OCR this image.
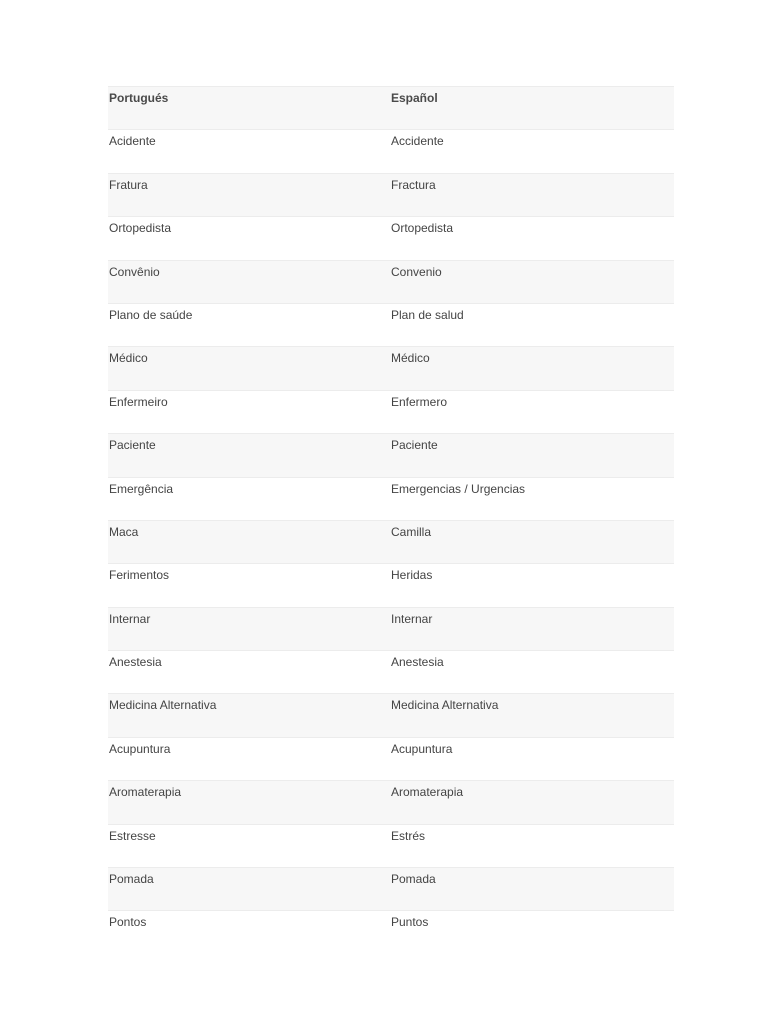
Portugués	Español
Acidente	Accidente
Fratura	Fractura
Ortopedista	Ortopedista
Convênio	Convenio
Plano de saúde	Plan de salud
Médico	Médico
Enfermeiro	Enfermero
Paciente	Paciente
Emergência	Emergencias / Urgencias
Maca	Camilla
Ferimentos	Heridas
Internar	Internar
Anestesia	Anestesia
Medicina Alternativa	Medicina Alternativa
Acupuntura	Acupuntura
Aromaterapia	Aromaterapia
Estresse	Estrés
Pomada	Pomada
Pontos	Puntos
